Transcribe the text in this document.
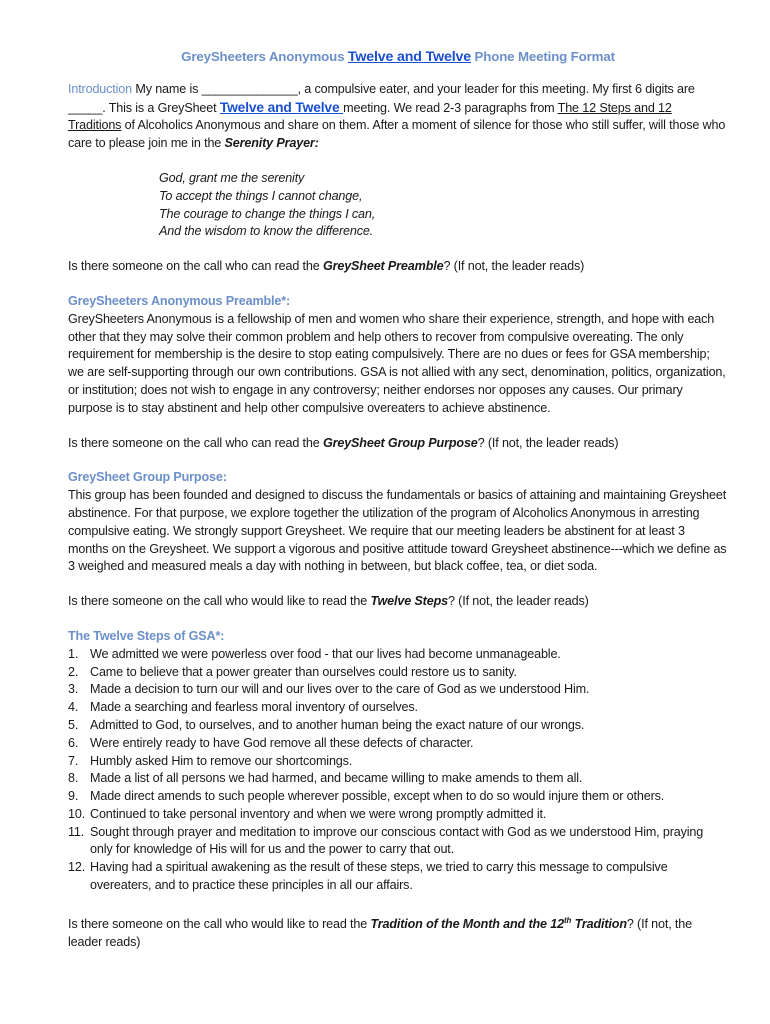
GreySheeters Anonymous Twelve and Twelve Phone Meeting Format

Introduction My name is ______________, a compulsive eater, and your leader for this meeting. My first 6 digits are _____. This is a GreySheet Twelve and Twelve meeting. We read 2-3 paragraphs from The 12 Steps and 12 Traditions of Alcoholics Anonymous and share on them. After a moment of silence for those who still suffer, will those who care to please join me in the Serenity Prayer:

God, grant me the serenity

To accept the things I cannot change,

The courage to change the things I can,

And the wisdom to know the difference.

Is there someone on the call who can read the GreySheet Preamble? (If not, the leader reads)

GreySheeters Anonymous Preamble*:

GreySheeters Anonymous is a fellowship of men and women who share their experience, strength, and hope with each other that they may solve their common problem and help others to recover from compulsive overeating. The only requirement for membership is the desire to stop eating compulsively. There are no dues or fees for GSA membership; we are self-supporting through our own contributions. GSA is not allied with any sect, denomination, politics, organization, or institution; does not wish to engage in any controversy; neither endorses nor opposes any causes. Our primary purpose is to stay abstinent and help other compulsive overeaters to achieve abstinence.

Is there someone on the call who can read the GreySheet Group Purpose? (If not, the leader reads)

GreySheet Group Purpose:

This group has been founded and designed to discuss the fundamentals or basics of attaining and maintaining Greysheet abstinence. For that purpose, we explore together the utilization of the program of Alcoholics Anonymous in arresting compulsive eating. We strongly support Greysheet. We require that our meeting leaders be abstinent for at least 3 months on the Greysheet. We support a vigorous and positive attitude toward Greysheet abstinence---which we define as 3 weighed and measured meals a day with nothing in between, but black coffee, tea, or diet soda.

Is there someone on the call who would like to read the Twelve Steps? (If not, the leader reads)

The Twelve Steps of GSA*:

1. We admitted we were powerless over food - that our lives had become unmanageable.
2. Came to believe that a power greater than ourselves could restore us to sanity.
3. Made a decision to turn our will and our lives over to the care of God as we understood Him.
4. Made a searching and fearless moral inventory of ourselves.
5. Admitted to God, to ourselves, and to another human being the exact nature of our wrongs.
6. Were entirely ready to have God remove all these defects of character.
7. Humbly asked Him to remove our shortcomings.
8. Made a list of all persons we had harmed, and became willing to make amends to them all.
9. Made direct amends to such people wherever possible, except when to do so would injure them or others.
10. Continued to take personal inventory and when we were wrong promptly admitted it.
11. Sought through prayer and meditation to improve our conscious contact with God as we understood Him, praying only for knowledge of His will for us and the power to carry that out.
12. Having had a spiritual awakening as the result of these steps, we tried to carry this message to compulsive overeaters, and to practice these principles in all our affairs.

Is there someone on the call who would like to read the Tradition of the Month and the 12th Tradition? (If not, the leader reads)
